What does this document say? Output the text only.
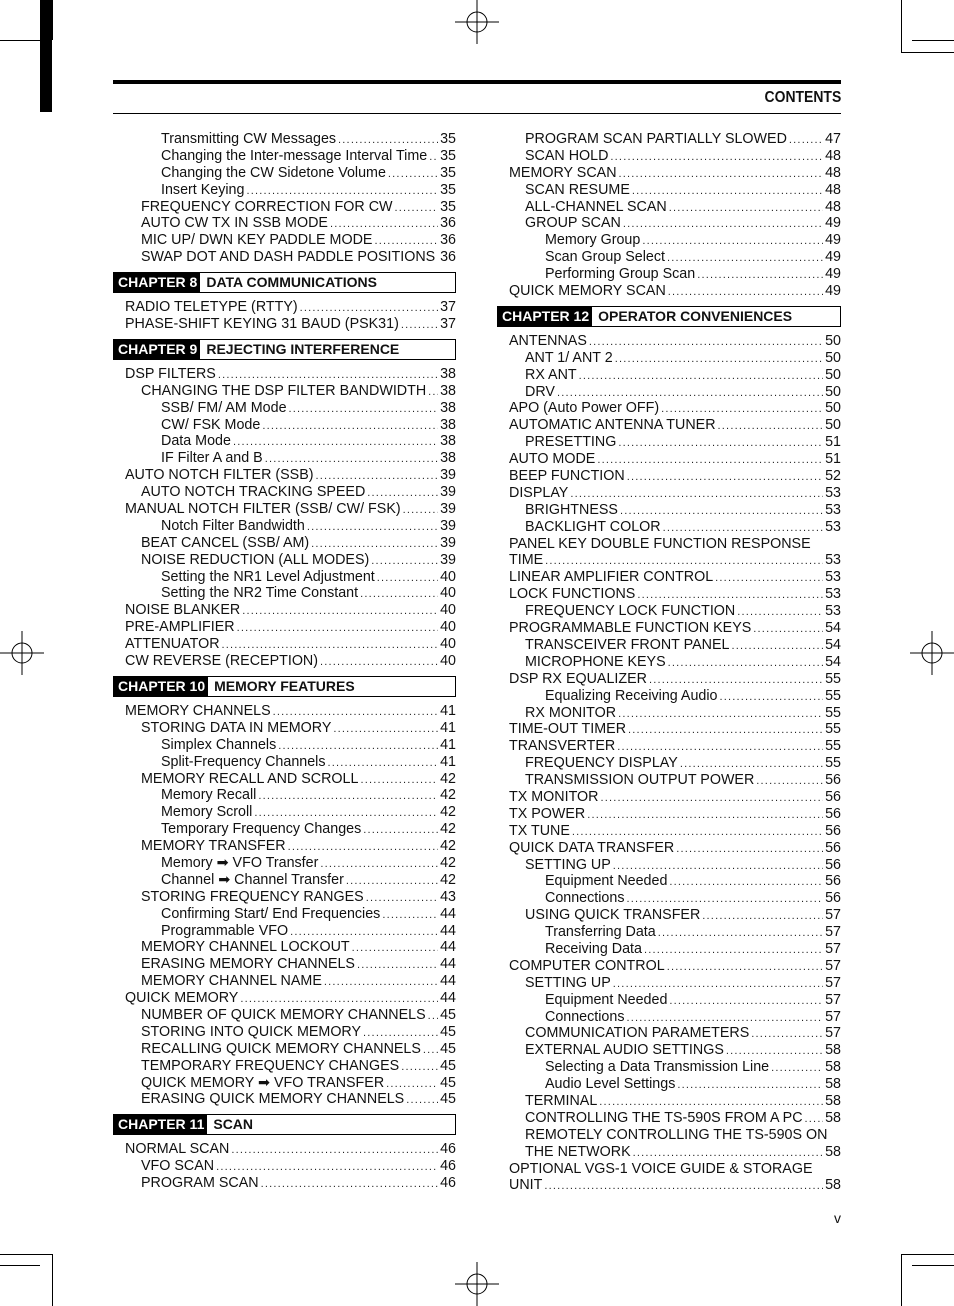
CONTENTS
Transmitting CW Messages .....	35
Changing the Inter-message Interval Time ..... 35
Changing the CW Sidetone Volume .....	35
Insert Keying .....	35
FREQUENCY CORRECTION FOR CW .....	35
AUTO CW TX IN SSB MODE .....	36
MIC UP/ DWN KEY PADDLE MODE .....	36
SWAP DOT AND DASH PADDLE POSITIONS ..... 36
CHAPTER 8 DATA COMMUNICATIONS
RADIO TELETYPE (RTTY) .....	37
PHASE-SHIFT KEYING 31 BAUD (PSK31) .....	37
CHAPTER 9 REJECTING INTERFERENCE
DSP FILTERS .....	38
CHANGING THE DSP FILTER BANDWIDTH ..... 38
SSB/ FM/ AM Mode .....	38
CW/ FSK Mode .....	38
Data Mode .....	38
IF Filter A and B .....	38
AUTO NOTCH FILTER (SSB) .....	39
AUTO NOTCH TRACKING SPEED .....	39
MANUAL NOTCH FILTER (SSB/ CW/ FSK) .....	39
Notch Filter Bandwidth .....	39
BEAT CANCEL (SSB/ AM) .....	39
NOISE REDUCTION (ALL MODES) .....	39
Setting the NR1 Level Adjustment .....	40
Setting the NR2 Time Constant .....	40
NOISE BLANKER .....	40
PRE-AMPLIFIER .....	40
ATTENUATOR .....	40
CW REVERSE (RECEPTION) .....	40
CHAPTER 10 MEMORY FEATURES
MEMORY CHANNELS .....	41
STORING DATA IN MEMORY .....	41
Simplex Channels .....	41
Split-Frequency Channels .....	41
MEMORY RECALL AND SCROLL .....	42
Memory Recall .....	42
Memory Scroll .....	42
Temporary Frequency Changes .....	42
MEMORY TRANSFER .....	42
Memory ➡ VFO Transfer .....	42
Channel ➡ Channel Transfer .....	42
STORING FREQUENCY RANGES .....	43
Confirming Start/ End Frequencies .....	44
Programmable VFO .....	44
MEMORY CHANNEL LOCKOUT .....	44
ERASING MEMORY CHANNELS .....	44
MEMORY CHANNEL NAME .....	44
QUICK MEMORY .....	44
NUMBER OF QUICK MEMORY CHANNELS ..... 45
STORING INTO QUICK MEMORY .....	45
RECALLING QUICK MEMORY CHANNELS ..... 45
TEMPORARY FREQUENCY CHANGES .....	45
QUICK MEMORY ➡ VFO TRANSFER .....	45
ERASING QUICK MEMORY CHANNELS .....	45
CHAPTER 11 SCAN
NORMAL SCAN .....	46
VFO SCAN .....	46
PROGRAM SCAN .....	46
PROGRAM SCAN PARTIALLY SLOWED .....	47
SCAN HOLD .....	48
MEMORY SCAN .....	48
SCAN RESUME .....	48
ALL-CHANNEL SCAN .....	48
GROUP SCAN .....	49
Memory Group .....	49
Scan Group Select .....	49
Performing Group Scan .....	49
QUICK MEMORY SCAN .....	49
CHAPTER 12 OPERATOR CONVENIENCES
ANTENNAS .....	50
ANT 1/ ANT 2 .....	50
RX ANT .....	50
DRV .....	50
APO (Auto Power OFF) .....	50
AUTOMATIC ANTENNA TUNER .....	50
PRESETTING .....	51
AUTO MODE .....	51
BEEP FUNCTION .....	52
DISPLAY .....	53
BRIGHTNESS .....	53
BACKLIGHT COLOR .....	53
PANEL KEY DOUBLE FUNCTION RESPONSE
TIME .....	53
LINEAR AMPLIFIER CONTROL .....	53
LOCK FUNCTIONS .....	53
FREQUENCY LOCK FUNCTION .....	53
PROGRAMMABLE FUNCTION KEYS .....	54
TRANSCEIVER FRONT PANEL .....	54
MICROPHONE KEYS .....	54
DSP RX EQUALIZER .....	55
Equalizing Receiving Audio .....	55
RX MONITOR .....	55
TIME-OUT TIMER .....	55
TRANSVERTER .....	55
FREQUENCY DISPLAY .....	55
TRANSMISSION OUTPUT POWER .....	56
TX MONITOR .....	56
TX POWER .....	56
TX TUNE .....	56
QUICK DATA TRANSFER .....	56
SETTING UP .....	56
Equipment Needed .....	56
Connections .....	56
USING QUICK TRANSFER .....	57
Transferring Data .....	57
Receiving Data .....	57
COMPUTER CONTROL .....	57
SETTING UP .....	57
Equipment Needed .....	57
Connections .....	57
COMMUNICATION PARAMETERS .....	57
EXTERNAL AUDIO SETTINGS .....	58
Selecting a Data Transmission Line .....	58
Audio Level Settings .....	58
TERMINAL .....	58
CONTROLLING THE TS-590S FROM A PC ..... 58
REMOTELY CONTROLLING THE TS-590S ON
THE NETWORK .....	58
OPTIONAL VGS-1 VOICE GUIDE & STORAGE
UNIT .....	58
v
